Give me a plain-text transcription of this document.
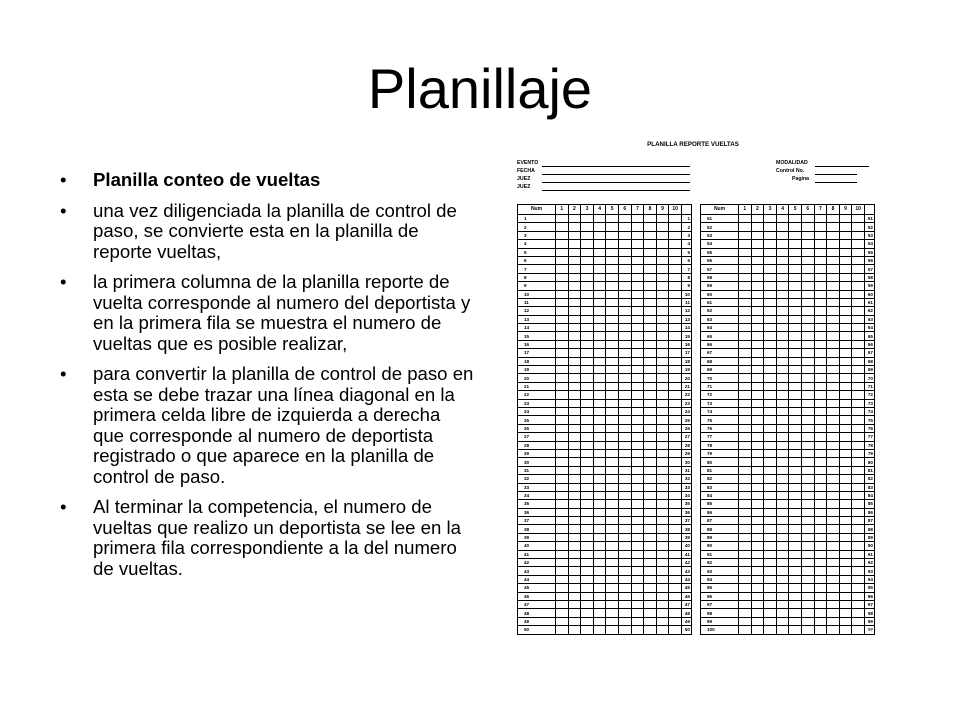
Planillaje
• Planilla conteo de vueltas
• una vez diligenciada la planilla de control de paso, se convierte esta en la planilla de reporte vueltas,
• la primera columna de la planilla reporte de vuelta corresponde al numero del deportista y en la primera fila se muestra el numero de vueltas que es posible realizar,
• para convertir la planilla de control de paso en esta se debe trazar una línea diagonal en la primera celda libre de izquierda a derecha que corresponde al numero de deportista registrado o que aparece en la planilla de control de paso.
• Al terminar la competencia, el numero de vueltas que realizo un deportista se lee en la primera fila correspondiente a la del numero de vueltas.
PLANILLA REPORTE VUELTAS
EVENTO
FECHA
JUEZ
JUEZ
MODALIDAD
Control No.
Pagina
Num	1	2	3	4	5	6	7	8	9	10	
1											1
2											2
3											3
4											4
5											5
6											6
7											7
8											8
9											9
10											10
11											11
12											12
13											13
14											14
15											15
16											16
17											17
18											18
19											19
20											20
21											21
22											22
23											23
24											24
25											25
26											26
27											27
28											28
29											29
30											30
31											31
32											32
33											33
34											34
35											35
36											36
37											37
38											38
39											39
40											40
41											41
42											42
43											43
44											44
45											45
46											46
47											47
48											48
49											49
50											50
Num	1	2	3	4	5	6	7	8	9	10	
51											51
52											52
53											53
54											54
55											55
56											56
57											57
58											58
59											59
60											60
61											61
62											62
63											63
64											64
65											65
66											66
67											67
68											68
69											69
70											70
71											71
72											72
73											73
74											74
75											75
76											76
77											77
78											78
79											79
80											80
81											81
82											82
83											83
84											84
85											85
86											86
87											87
88											88
89											89
90											90
91											91
92											92
93											93
94											94
95											95
96											96
97											97
98											98
99											99
100											##
